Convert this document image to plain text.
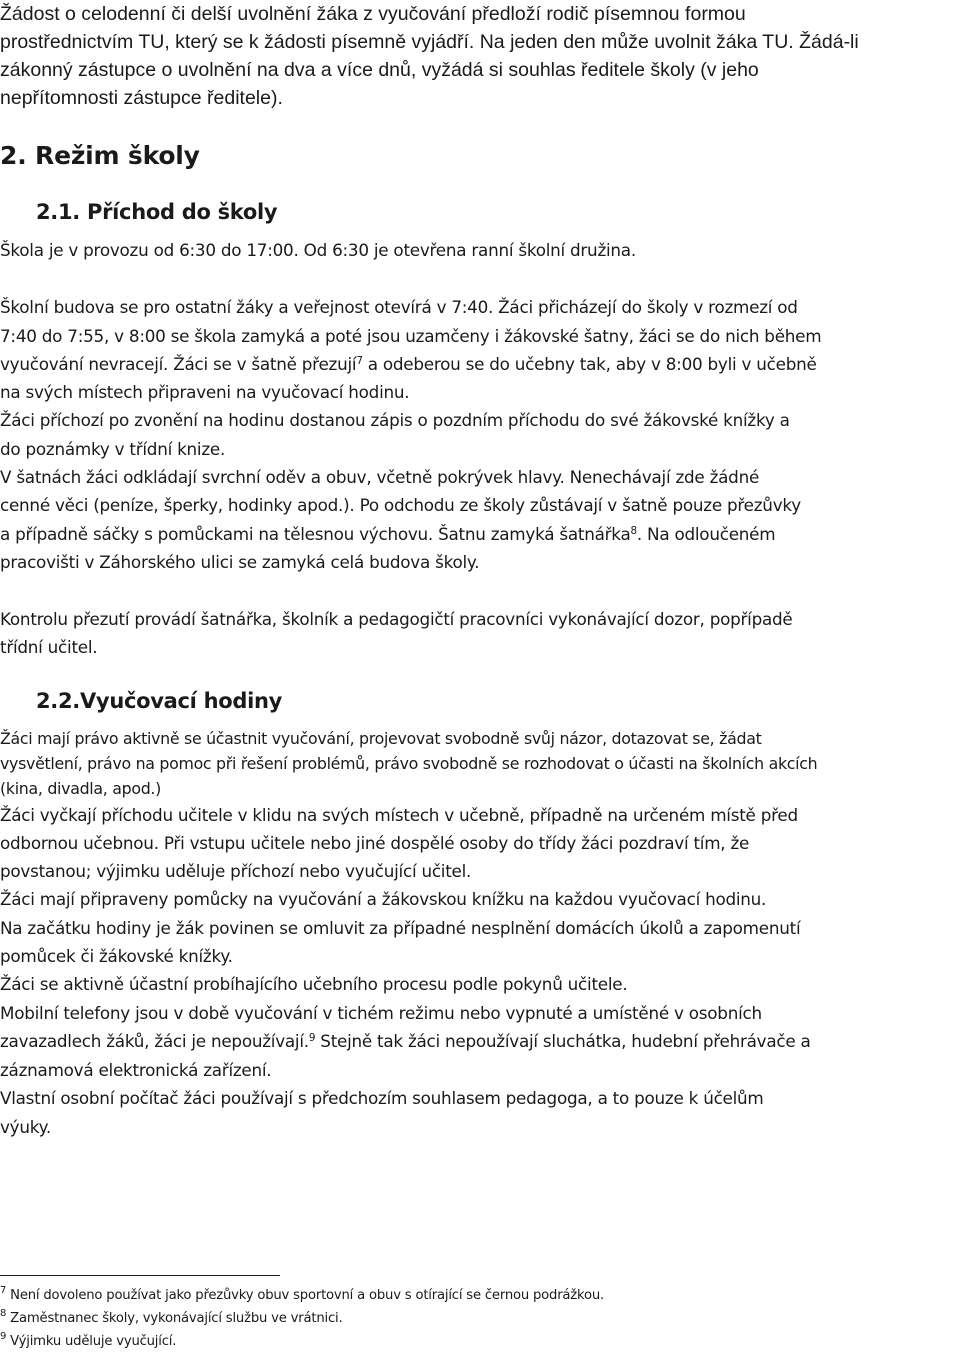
Žádost o celodenní či delší uvolnění žáka z vyučování předloží rodič písemnou formou
prostřednictvím TU, který se k žádosti písemně vyjádří. Na jeden den může uvolnit žáka TU. Žádá-li
zákonný zástupce o uvolnění na dva a více dnů, vyžádá si souhlas ředitele školy (v jeho
nepřítomnosti zástupce ředitele).
2. Režim školy
2.1. Příchod do školy
Škola je v provozu od 6:30 do 17:00. Od 6:30 je otevřena ranní školní družina.
Školní budova se pro ostatní žáky a veřejnost otevírá v 7:40. Žáci přicházejí do školy v rozmezí od
7:40 do 7:55, v 8:00 se škola zamyká a poté jsou uzamčeny i žákovské šatny, žáci se do nich během
vyučování nevracejí. Žáci se v šatně přezují$^7$ a odeberou se do učebny tak, aby v 8:00 byli v učebně
na svých místech připraveni na vyučovací hodinu.
Žáci příchozí po zvonění na hodinu dostanou zápis o pozdním příchodu do své žákovské knížky a
do poznámky v třídní knize.
V šatnách žáci odkládají svrchní oděv a obuv, včetně pokrývek hlavy. Nenechávají zde žádné
cenné věci (peníze, šperky, hodinky apod.). Po odchodu ze školy zůstávají v šatně pouze přezůvky
a případně sáčky s pomůckami na tělesnou výchovu. Šatnu zamyká šatnářka$^8$. Na odloučeném
pracovišti v Záhorského ulici se zamyká celá budova školy.
Kontrolu přezutí provádí šatnářka, školník a pedagogičtí pracovníci vykonávající dozor, popřípadě
třídní učitel.
2.2.Vyučovací hodiny
Žáci mají právo aktivně se účastnit vyučování, projevovat svobodně svůj názor, dotazovat se, žádat
vysvětlení, právo na pomoc při řešení problémů, právo svobodně se rozhodovat o účasti na školních akcích
(kina, divadla, apod.)
Žáci vyčkají příchodu učitele v klidu na svých místech v učebně, případně na určeném místě před
odbornou učebnou. Při vstupu učitele nebo jiné dospělé osoby do třídy žáci pozdraví tím, že
povstanou; výjimku uděluje příchozí nebo vyučující učitel.
Žáci mají připraveny pomůcky na vyučování a žákovskou knížku na každou vyučovací hodinu.
Na začátku hodiny je žák povinen se omluvit za případné nesplnění domácích úkolů a zapomenutí
pomůcek či žákovské knížky.
Žáci se aktivně účastní probíhajícího učebního procesu podle pokynů učitele.
Mobilní telefony jsou v době vyučování v tichém režimu nebo vypnuté a umístěné v osobních
zavazadlech žáků, žáci je nepoužívají.$^9$ Stejně tak žáci nepoužívají sluchátka, hudební přehrávače a
záznamová elektronická zařízení.
Vlastní osobní počítač žáci používají s předchozím souhlasem pedagoga, a to pouze k účelům
výuky.
$^7$ Není dovoleno používat jako přezůvky obuv sportovní a obuv s otírající se černou podrážkou.
$^8$ Zaměstnanec školy, vykonávající službu ve vrátnici.
$^9$ Výjimku uděluje vyučující.
